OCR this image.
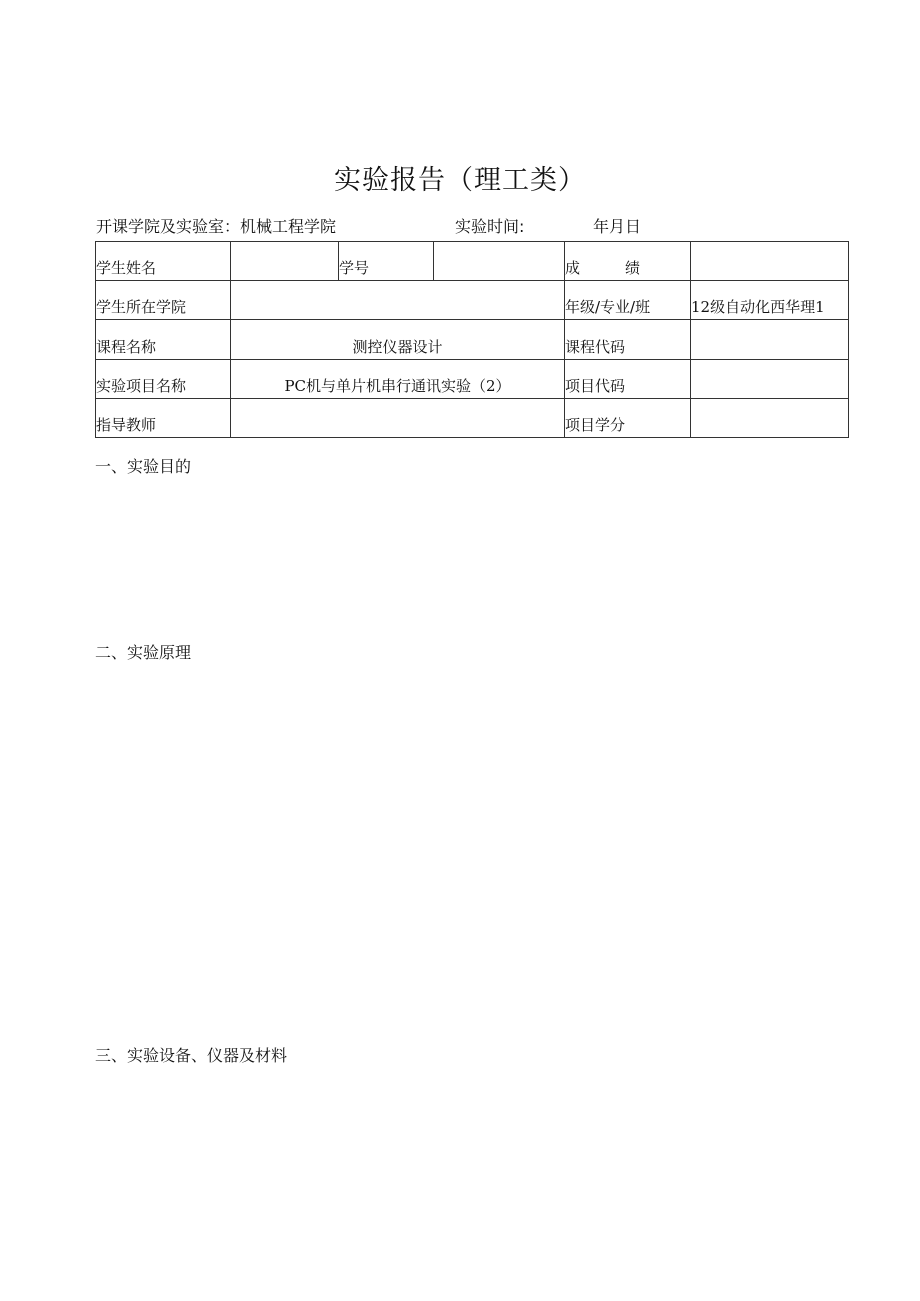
实验报告（理工类）
开课学院及实验室：机械工程学院	实验时间:	年月日
学生姓名		学号		成　　　绩	
学生所在学院				年级/专业/班	12级自动化西华理1
课程名称	测控仪器设计			课程代码	
实验项目名称	PC机与单片机串行通讯实验（2）			项目代码	
指导教师				项目学分	
一、实验目的
二、实验原理
三、实验设备、仪器及材料
